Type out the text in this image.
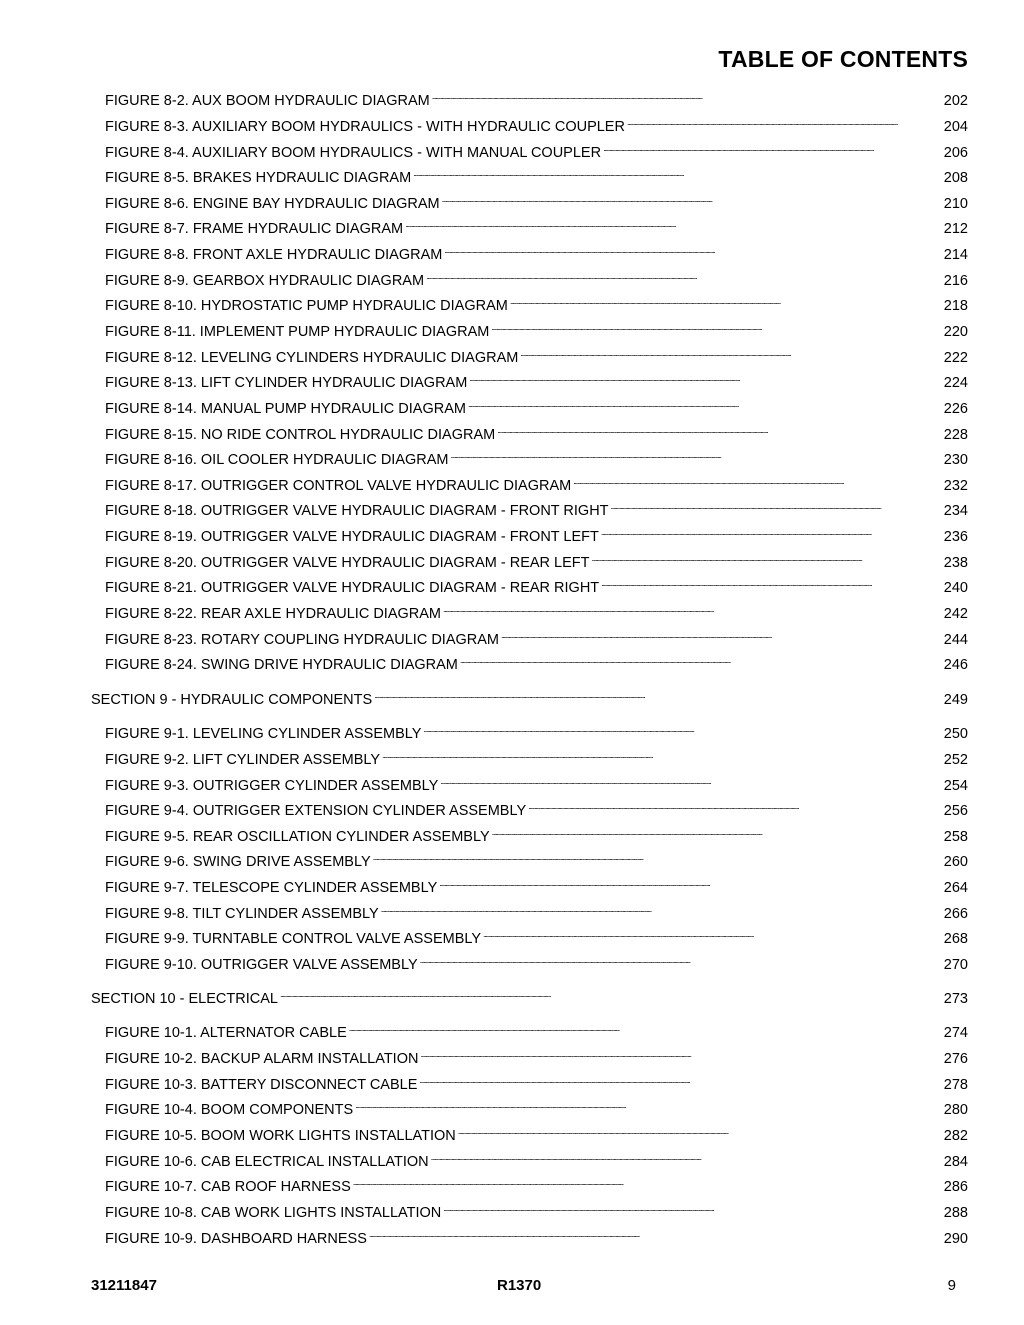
TABLE OF CONTENTS
FIGURE 8-2. AUX BOOM HYDRAULIC DIAGRAM . . .	202
FIGURE 8-3. AUXILIARY BOOM HYDRAULICS - WITH HYDRAULIC COUPLER . . .	204
FIGURE 8-4. AUXILIARY BOOM HYDRAULICS - WITH MANUAL COUPLER . . .	206
FIGURE 8-5. BRAKES HYDRAULIC DIAGRAM . . .	208
FIGURE 8-6. ENGINE BAY HYDRAULIC DIAGRAM . . .	210
FIGURE 8-7. FRAME HYDRAULIC DIAGRAM . . .	212
FIGURE 8-8. FRONT AXLE HYDRAULIC DIAGRAM . . .	214
FIGURE 8-9. GEARBOX HYDRAULIC DIAGRAM . . .	216
FIGURE 8-10. HYDROSTATIC PUMP HYDRAULIC DIAGRAM . . .	218
FIGURE 8-11. IMPLEMENT PUMP HYDRAULIC DIAGRAM . . .	220
FIGURE 8-12. LEVELING CYLINDERS HYDRAULIC DIAGRAM . . .	222
FIGURE 8-13. LIFT CYLINDER HYDRAULIC DIAGRAM . . .	224
FIGURE 8-14. MANUAL PUMP HYDRAULIC DIAGRAM . . .	226
FIGURE 8-15. NO RIDE CONTROL HYDRAULIC DIAGRAM . . .	228
FIGURE 8-16. OIL COOLER HYDRAULIC DIAGRAM . . .	230
FIGURE 8-17. OUTRIGGER CONTROL VALVE HYDRAULIC DIAGRAM . . .	232
FIGURE 8-18. OUTRIGGER VALVE HYDRAULIC DIAGRAM - FRONT RIGHT . . .	234
FIGURE 8-19. OUTRIGGER VALVE HYDRAULIC DIAGRAM - FRONT LEFT . . .	236
FIGURE 8-20. OUTRIGGER VALVE HYDRAULIC DIAGRAM - REAR LEFT . . .	238
FIGURE 8-21. OUTRIGGER VALVE HYDRAULIC DIAGRAM - REAR RIGHT . . .	240
FIGURE 8-22. REAR AXLE HYDRAULIC DIAGRAM . . .	242
FIGURE 8-23. ROTARY COUPLING HYDRAULIC DIAGRAM . . .	244
FIGURE 8-24. SWING DRIVE HYDRAULIC DIAGRAM . . .	246
SECTION 9 - HYDRAULIC COMPONENTS . . .	249
FIGURE 9-1. LEVELING CYLINDER ASSEMBLY . . .	250
FIGURE 9-2. LIFT CYLINDER ASSEMBLY . . .	252
FIGURE 9-3. OUTRIGGER CYLINDER ASSEMBLY . . .	254
FIGURE 9-4. OUTRIGGER EXTENSION CYLINDER ASSEMBLY . . .	256
FIGURE 9-5. REAR OSCILLATION CYLINDER ASSEMBLY . . .	258
FIGURE 9-6. SWING DRIVE ASSEMBLY . . .	260
FIGURE 9-7. TELESCOPE CYLINDER ASSEMBLY . . .	264
FIGURE 9-8. TILT CYLINDER ASSEMBLY . . .	266
FIGURE 9-9. TURNTABLE CONTROL VALVE ASSEMBLY . . .	268
FIGURE 9-10. OUTRIGGER VALVE ASSEMBLY . . .	270
SECTION 10 - ELECTRICAL . . .	273
FIGURE 10-1. ALTERNATOR CABLE . . .	274
FIGURE 10-2. BACKUP ALARM INSTALLATION . . .	276
FIGURE 10-3. BATTERY DISCONNECT CABLE . . .	278
FIGURE 10-4. BOOM COMPONENTS . . .	280
FIGURE 10-5. BOOM WORK LIGHTS INSTALLATION . . .	282
FIGURE 10-6. CAB ELECTRICAL INSTALLATION . . .	284
FIGURE 10-7. CAB ROOF HARNESS . . .	286
FIGURE 10-8. CAB WORK LIGHTS INSTALLATION . . .	288
FIGURE 10-9. DASHBOARD HARNESS . . .	290
31211847	R1370	9
